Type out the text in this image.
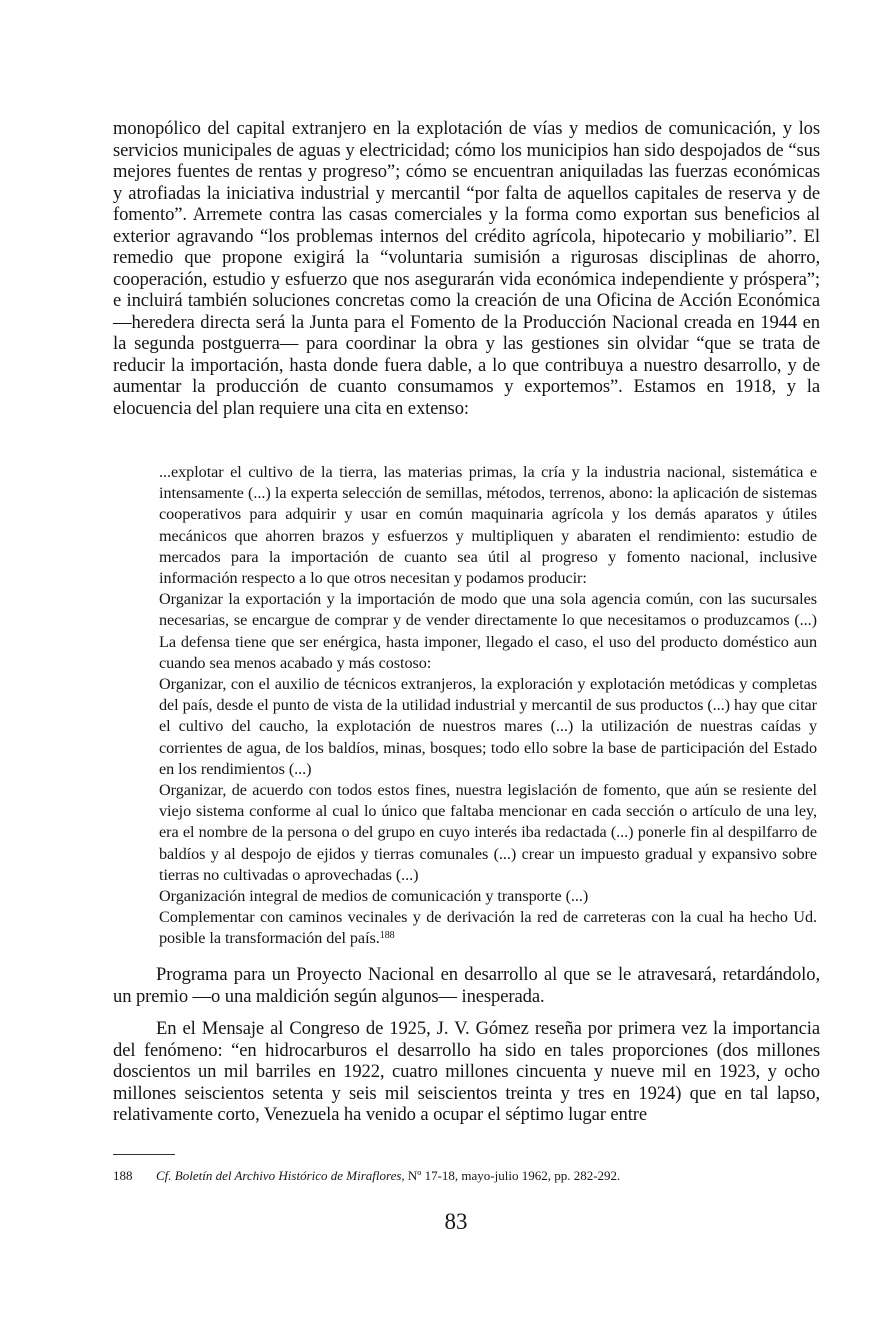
monopólico del capital extranjero en la explotación de vías y medios de comunicación, y los servicios municipales de aguas y electricidad; cómo los municipios han sido despojados de “sus mejores fuentes de rentas y progreso”; cómo se encuentran aniquiladas las fuerzas económicas y atrofiadas la iniciativa industrial y mercantil “por falta de aquellos capitales de reserva y de fomento”. Arremete contra las casas comerciales y la forma como exportan sus beneficios al exterior agravando “los problemas internos del crédito agrícola, hipotecario y mobiliario”. El remedio que propone exigirá la “voluntaria sumisión a rigurosas disciplinas de ahorro, cooperación, estudio y esfuerzo que nos asegurarán vida económica independiente y próspera”; e incluirá también soluciones concretas como la creación de una Oficina de Acción Económica —heredera directa será la Junta para el Fomento de la Producción Nacional creada en 1944 en la segunda postguerra— para coordinar la obra y las gestiones sin olvidar “que se trata de reducir la importación, hasta donde fuera dable, a lo que contribuya a nuestro desarrollo, y de aumentar la producción de cuanto consumamos y exportemos”. Estamos en 1918, y la elocuencia del plan requiere una cita en extenso:

...explotar el cultivo de la tierra, las materias primas, la cría y la industria nacional, sistemática e intensamente (...) la experta selección de semillas, métodos, terrenos, abono: la aplicación de sistemas cooperativos para adquirir y usar en común maquinaria agrícola y los demás aparatos y útiles mecánicos que ahorren brazos y esfuerzos y multipliquen y abaraten el rendimiento: estudio de mercados para la importación de cuanto sea útil al progreso y fomento nacional, inclusive información respecto a lo que otros necesitan y podamos producir:

Organizar la exportación y la importación de modo que una sola agencia común, con las sucursales necesarias, se encargue de comprar y de vender directamente lo que necesitamos o produzcamos (...) La defensa tiene que ser enérgica, hasta imponer, llegado el caso, el uso del producto doméstico aun cuando sea menos acabado y más costoso:

Organizar, con el auxilio de técnicos extranjeros, la exploración y explotación metódicas y completas del país, desde el punto de vista de la utilidad industrial y mercantil de sus productos (...) hay que citar el cultivo del caucho, la explotación de nuestros mares (...) la utilización de nuestras caídas y corrientes de agua, de los baldíos, minas, bosques; todo ello sobre la base de participación del Estado en los rendimientos (...)

Organizar, de acuerdo con todos estos fines, nuestra legislación de fomento, que aún se resiente del viejo sistema conforme al cual lo único que faltaba mencionar en cada sección o artículo de una ley, era el nombre de la persona o del grupo en cuyo interés iba redactada (...) ponerle fin al despilfarro de baldíos y al despojo de ejidos y tierras comunales (...) crear un impuesto gradual y expansivo sobre tierras no cultivadas o aprovechadas (...)

Organización integral de medios de comunicación y transporte (...)

Complementar con caminos vecinales y de derivación la red de carreteras con la cual ha hecho Ud. posible la transformación del país.$^{188}$

Programa para un Proyecto Nacional en desarrollo al que se le atravesará, retardándolo, un premio —o una maldición según algunos— inesperada.

En el Mensaje al Congreso de 1925, J. V. Gómez reseña por primera vez la importancia del fenómeno: “en hidrocarburos el desarrollo ha sido en tales proporciones (dos millones doscientos un mil barriles en 1922, cuatro millones cincuenta y nueve mil en 1923, y ocho millones seiscientos setenta y seis mil seiscientos treinta y tres en 1924) que en tal lapso, relativamente corto, Venezuela ha venido a ocupar el séptimo lugar entre

188 Cf. Boletín del Archivo Histórico de Miraflores, Nº 17-18, mayo-julio 1962, pp. 282-292.

83
